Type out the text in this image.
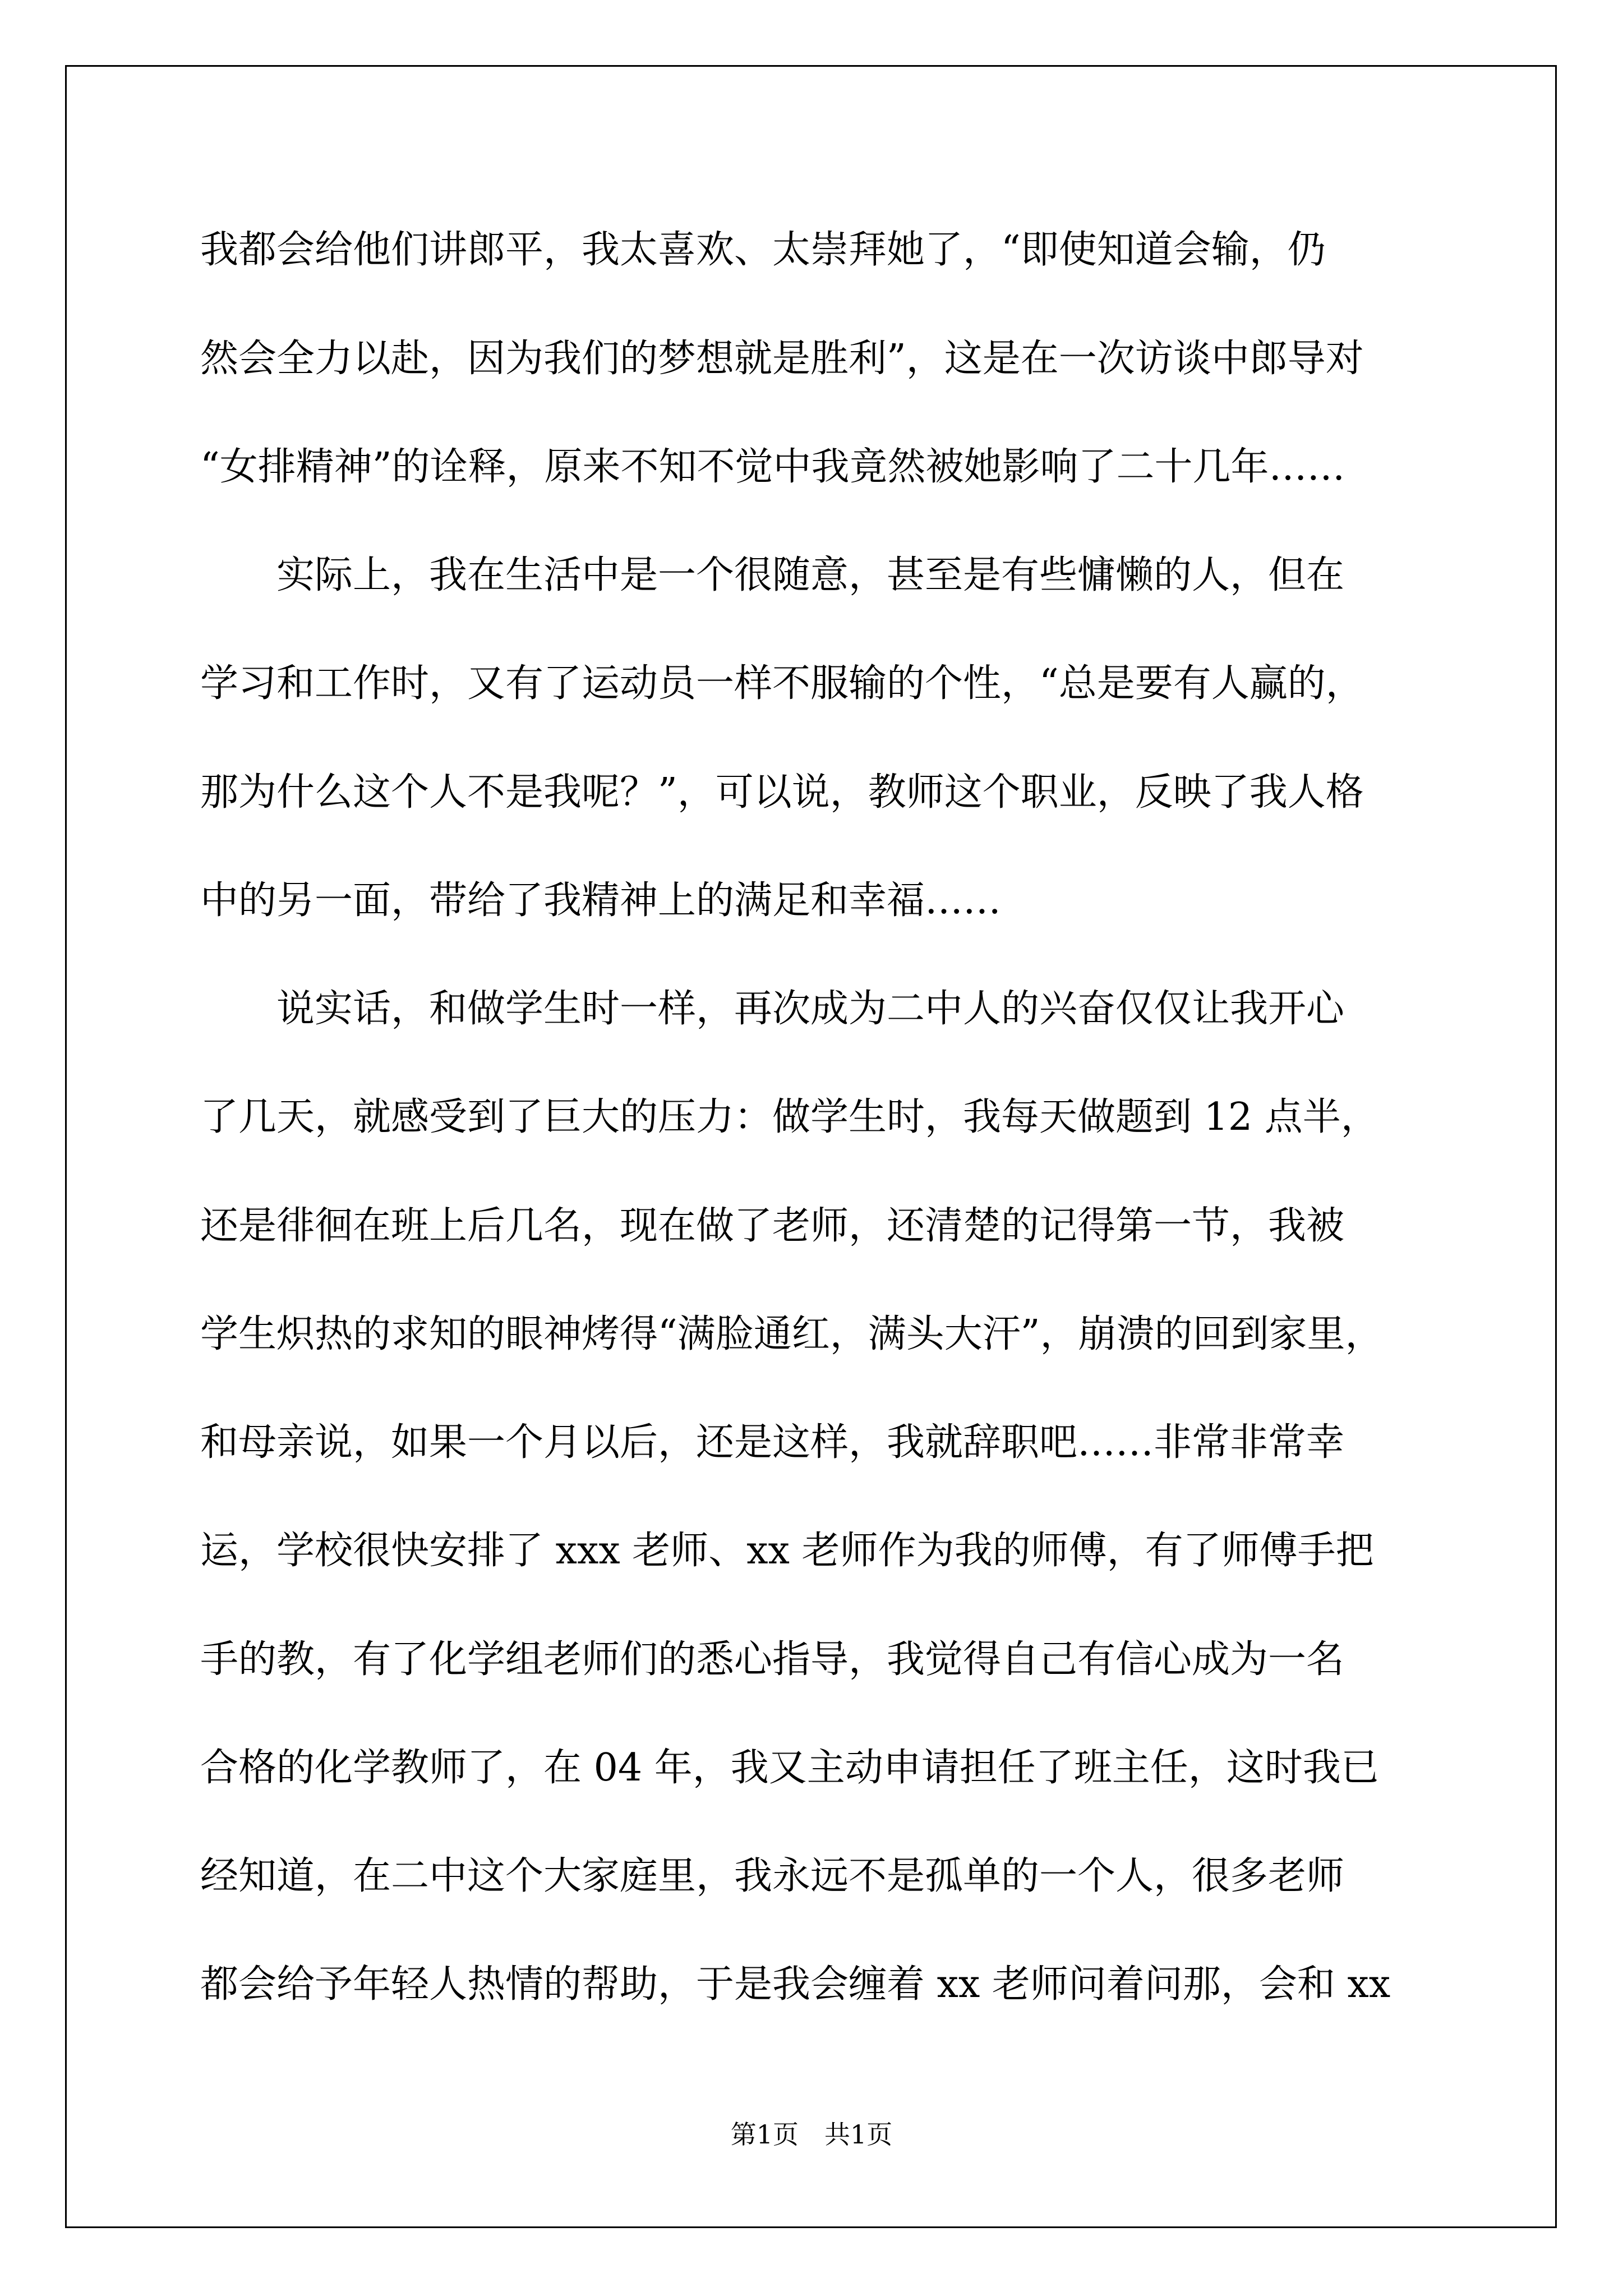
我都会给他们讲郎平，我太喜欢、太崇拜她了，“即使知道会输，仍
然会全力以赴，因为我们的梦想就是胜利”，这是在一次访谈中郎导对
“女排精神”的诠释，原来不知不觉中我竟然被她影响了二十几年……
　　实际上，我在生活中是一个很随意，甚至是有些慵懒的人，但在
学习和工作时，又有了运动员一样不服输的个性，“总是要有人赢的，
那为什么这个人不是我呢？”，可以说，教师这个职业，反映了我人格
中的另一面，带给了我精神上的满足和幸福……
　　说实话，和做学生时一样，再次成为二中人的兴奋仅仅让我开心
了几天，就感受到了巨大的压力：做学生时，我每天做题到 12 点半，
还是徘徊在班上后几名，现在做了老师，还清楚的记得第一节，我被
学生炽热的求知的眼神烤得“满脸通红，满头大汗”，崩溃的回到家里，
和母亲说，如果一个月以后，还是这样，我就辞职吧……非常非常幸
运，学校很快安排了 xxx 老师、xx 老师作为我的师傅，有了师傅手把
手的教，有了化学组老师们的悉心指导，我觉得自己有信心成为一名
合格的化学教师了，在 04 年，我又主动申请担任了班主任，这时我已
经知道，在二中这个大家庭里，我永远不是孤单的一个人，很多老师
都会给予年轻人热情的帮助，于是我会缠着 xx 老师问着问那，会和 xx
第1页　共1页
